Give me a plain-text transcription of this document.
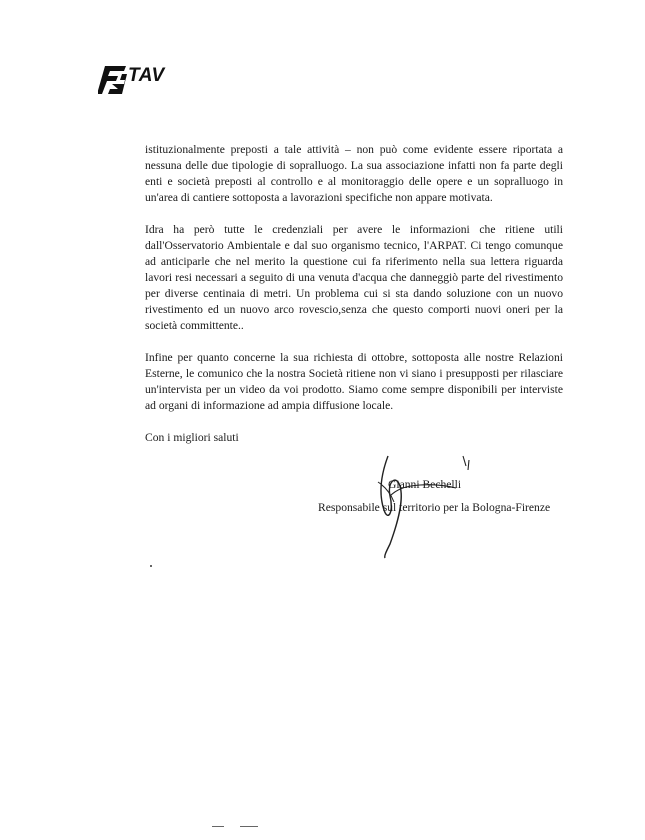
TAV

istituzionalmente preposti a tale attività – non può come evidente essere riportata a nessuna delle due tipologie di sopralluogo. La sua associazione infatti non fa parte degli enti e società preposti al controllo e al monitoraggio delle opere e un sopralluogo in un'area di cantiere sottoposta a lavorazioni specifiche non appare motivata.

Idra ha però tutte le credenziali per avere le informazioni che ritiene utili dall'Osservatorio Ambientale e dal suo organismo tecnico, l'ARPAT. Ci tengo comunque ad anticiparle che nel merito la questione cui fa riferimento nella sua lettera riguarda lavori resi necessari a seguito di una venuta d'acqua che danneggiò parte del rivestimento per diverse centinaia di metri. Un problema cui si sta dando soluzione con un nuovo rivestimento ed un nuovo arco rovescio,senza che questo comporti nuovi oneri per la società committente..

Infine per quanto concerne la sua richiesta di ottobre, sottoposta alle nostre Relazioni Esterne, le comunico che la nostra Società ritiene non vi siano i presupposti per rilasciare un'intervista per un video da voi prodotto. Siamo come sempre disponibili per interviste ad organi di informazione ad ampia diffusione locale.

Con i migliori saluti

Gianni Bechelli
Responsabile sul territorio per la Bologna-Firenze
